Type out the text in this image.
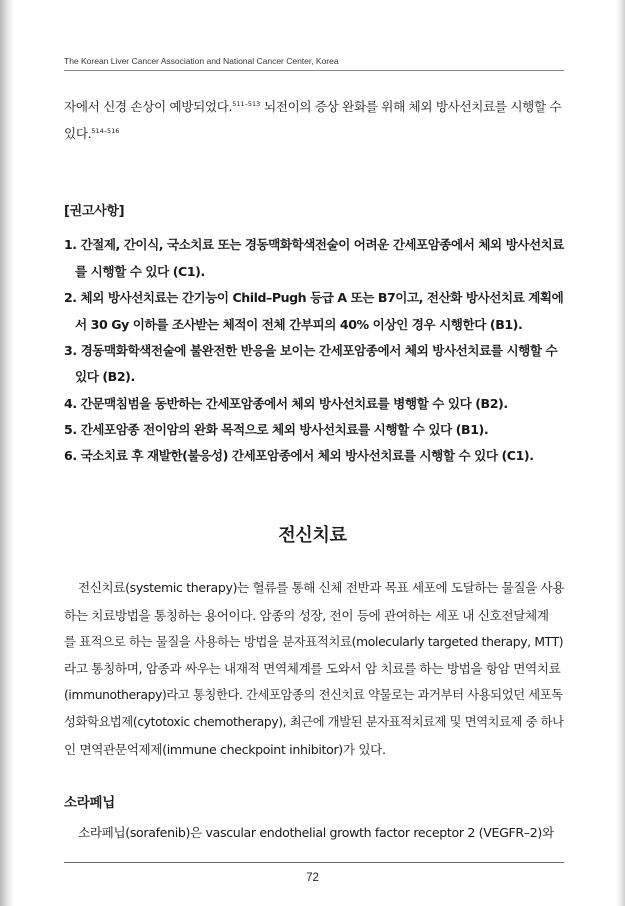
The Korean Liver Cancer Association and National Cancer Center, Korea
자에서 신경 손상이 예방되었다.$^{511-513}$ 뇌전이의 증상 완화를 위해 체외 방사선치료를 시행할 수
있다.$^{514-516}$
[권고사항]
1. 간절제, 간이식, 국소치료 또는 경동맥화학색전술이 어려운 간세포암종에서 체외 방사선치료
를 시행할 수 있다 (C1).
2. 체외 방사선치료는 간기능이 Child–Pugh 등급 A 또는 B7이고, 전산화 방사선치료 계획에
서 30 Gy 이하를 조사받는 체적이 전체 간부피의 40% 이상인 경우 시행한다 (B1).
3. 경동맥화학색전술에 불완전한 반응을 보이는 간세포암종에서 체외 방사선치료를 시행할 수
있다 (B2).
4. 간문맥침범을 동반하는 간세포암종에서 체외 방사선치료를 병행할 수 있다 (B2).
5. 간세포암종 전이암의 완화 목적으로 체외 방사선치료를 시행할 수 있다 (B1).
6. 국소치료 후 재발한(불응성) 간세포암종에서 체외 방사선치료를 시행할 수 있다 (C1).
전신치료
전신치료(systemic therapy)는 혈류를 통해 신체 전반과 목표 세포에 도달하는 물질을 사용
하는 치료방법을 통칭하는 용어이다. 암종의 성장, 전이 등에 관여하는 세포 내 신호전달체계
를 표적으로 하는 물질을 사용하는 방법을 분자표적치료(molecularly targeted therapy, MTT)
라고 통칭하며, 암종과 싸우는 내재적 면역체계를 도와서 암 치료를 하는 방법을 항암 면역치료
(immunotherapy)라고 통칭한다. 간세포암종의 전신치료 약물로는 과거부터 사용되었던 세포독
성화학요법제(cytotoxic chemotherapy), 최근에 개발된 분자표적치료제 및 면역치료제 중 하나
인 면역관문억제제(immune checkpoint inhibitor)가 있다.
소라페닙
소라페닙(sorafenib)은 vascular endothelial growth factor receptor 2 (VEGFR–2)와
72
